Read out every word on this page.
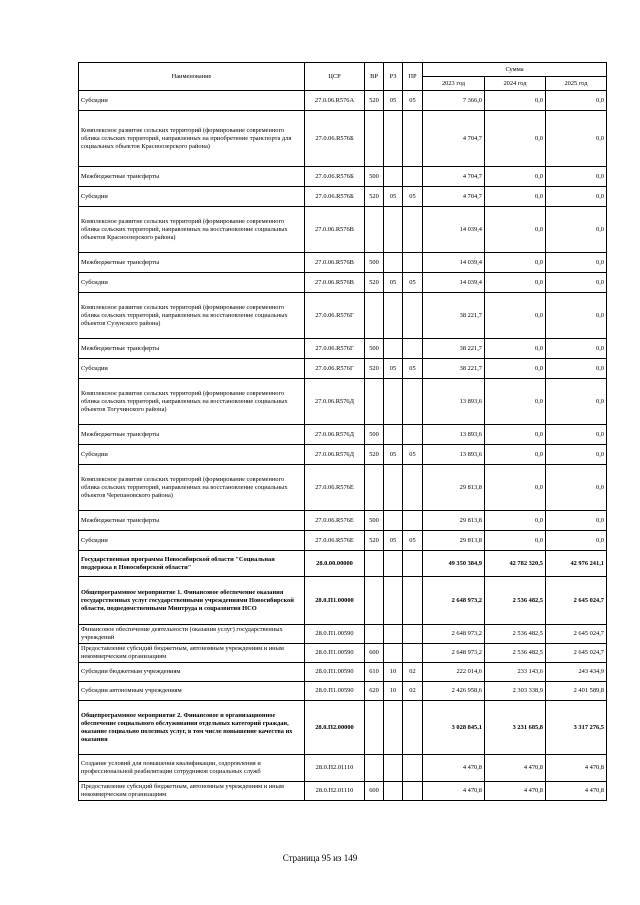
Наименование	ЦСР	ВР	РЗ	ПР	Сумма		
					2023 год	2024 год	2025 год
Субсидии	27.0.06.R576А	520	05	05	7 366,0	0,0	0,0
Комплексное развитие сельских территорий (формирование современного облика сельских территорий, направленных на приобретение транспорта для социальных объектов Красноозерского района)	27.0.06.R576Б				4 704,7	0,0	0,0
Межбюджетные трансферты	27.0.06.R576Б	500			4 704,7	0,0	0,0
Субсидии	27.0.06.R576Б	520	05	05	4 704,7	0,0	0,0
Комплексное развитие сельских территорий (формирование современного облика сельских территорий, направленных на восстановление социальных объектов Красноозерского района)	27.0.06.R576В				14 039,4	0,0	0,0
Межбюджетные трансферты	27.0.06.R576В	500			14 039,4	0,0	0,0
Субсидии	27.0.06.R576В	520	05	05	14 039,4	0,0	0,0
Комплексное развитие сельских территорий (формирование современного облика сельских территорий, направленных на восстановление социальных объектов Сузунского района)	27.0.06.R576Г				38 221,7	0,0	0,0
Межбюджетные трансферты	27.0.06.R576Г	500			38 221,7	0,0	0,0
Субсидии	27.0.06.R576Г	520	05	05	38 221,7	0,0	0,0
Комплексное развитие сельских территорий (формирование современного облика сельских территорий, направленных на восстановление социальных объектов Тогучинского района)	27.0.06.R576Д				13 893,6	0,0	0,0
Межбюджетные трансферты	27.0.06.R576Д	500			13 893,6	0,0	0,0
Субсидии	27.0.06.R576Д	520	05	05	13 893,6	0,0	0,0
Комплексное развитие сельских территорий (формирование современного облика сельских территорий, направленных на восстановление социальных объектов Черепановского района)	27.0.06.R576Е				29 813,8	0,0	0,0
Межбюджетные трансферты	27.0.06.R576Е	500			29 813,8	0,0	0,0
Субсидии	27.0.06.R576Е	520	05	05	29 813,8	0,0	0,0
Государственная программа Новосибирской области "Социальная поддержка в Новосибирской области"	28.0.00.00000				49 350 384,9	42 782 320,5	42 976 241,1
Общепрограммное мероприятие 1. Финансовое обеспечение оказания государственных услуг государственными учреждениями Новосибирской области, подведомственными Минтруда и соцразвития НСО	28.0.П1.00000				2 648 973,2	2 536 482,5	2 645 024,7
Финансовое обеспечение деятельности (оказания услуг) государственных учреждений	28.0.П1.00590				2 648 973,2	2 536 482,5	2 645 024,7
Предоставление субсидий бюджетным, автономным учреждениям и иным некоммерческим организациям	28.0.П1.00590	600			2 648 973,2	2 536 482,5	2 645 024,7
Субсидии бюджетным учреждениям	28.0.П1.00590	610	10	02	222 014,6	233 143,6	243 434,9
Субсидии автономным учреждениям	28.0.П1.00590	620	10	02	2 426 958,6	2 303 338,9	2 401 589,8
Общепрограммное мероприятие 2. Финансовое и организационное обеспечение социального обслуживания отдельных категорий граждан, оказание социально полезных услуг, в том числе повышение качества их оказания	28.0.П2.00000				3 028 845,1	3 231 685,8	3 317 276,5
Создание условий для повышения квалификации, оздоровления и профессиональной реабилитации сотрудников социальных служб	28.0.П2.01110				4 470,8	4 470,8	4 470,8
Предоставление субсидий бюджетным, автономным учреждениям и иным некоммерческим организациям	28.0.П2.01110	600			4 470,8	4 470,8	4 470,8
Страница 95 из 149
